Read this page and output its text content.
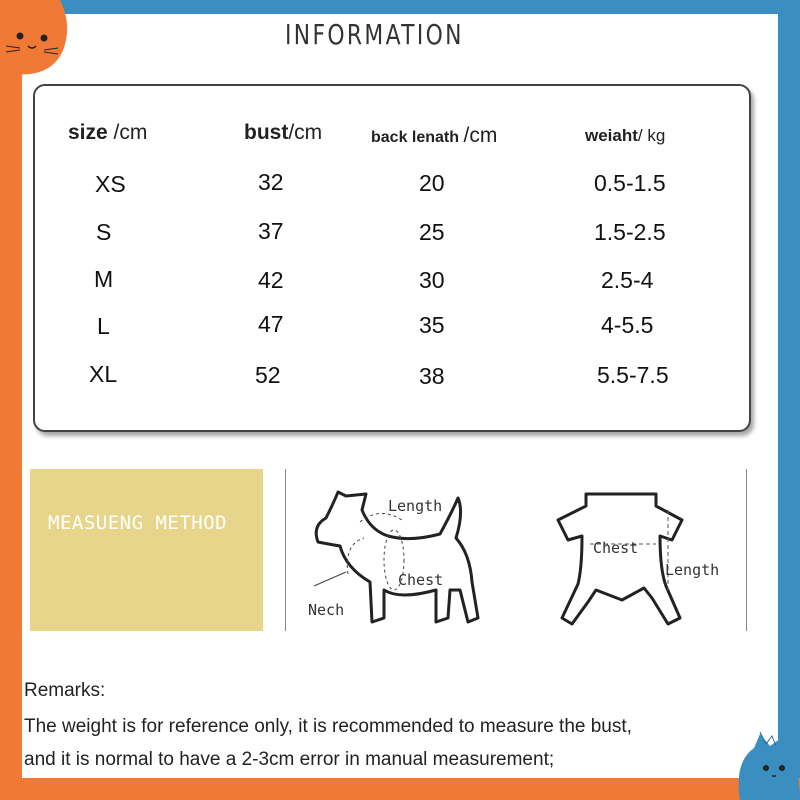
INFORMATION
size /cm	bust/cm	back lenath /cm	weiaht/ kg
XS	32	20	0.5-1.5
S	37	25	1.5-2.5
M	42	30	2.5-4
L	47	35	4-5.5
XL	52	38	5.5-7.5
MEASUENG METHOD
Length
Chest
Nech
Chest
Length
Remarks:
The weight is for reference only, it is recommended to measure the bust,
and it is normal to have a 2-3cm error in manual measurement;
